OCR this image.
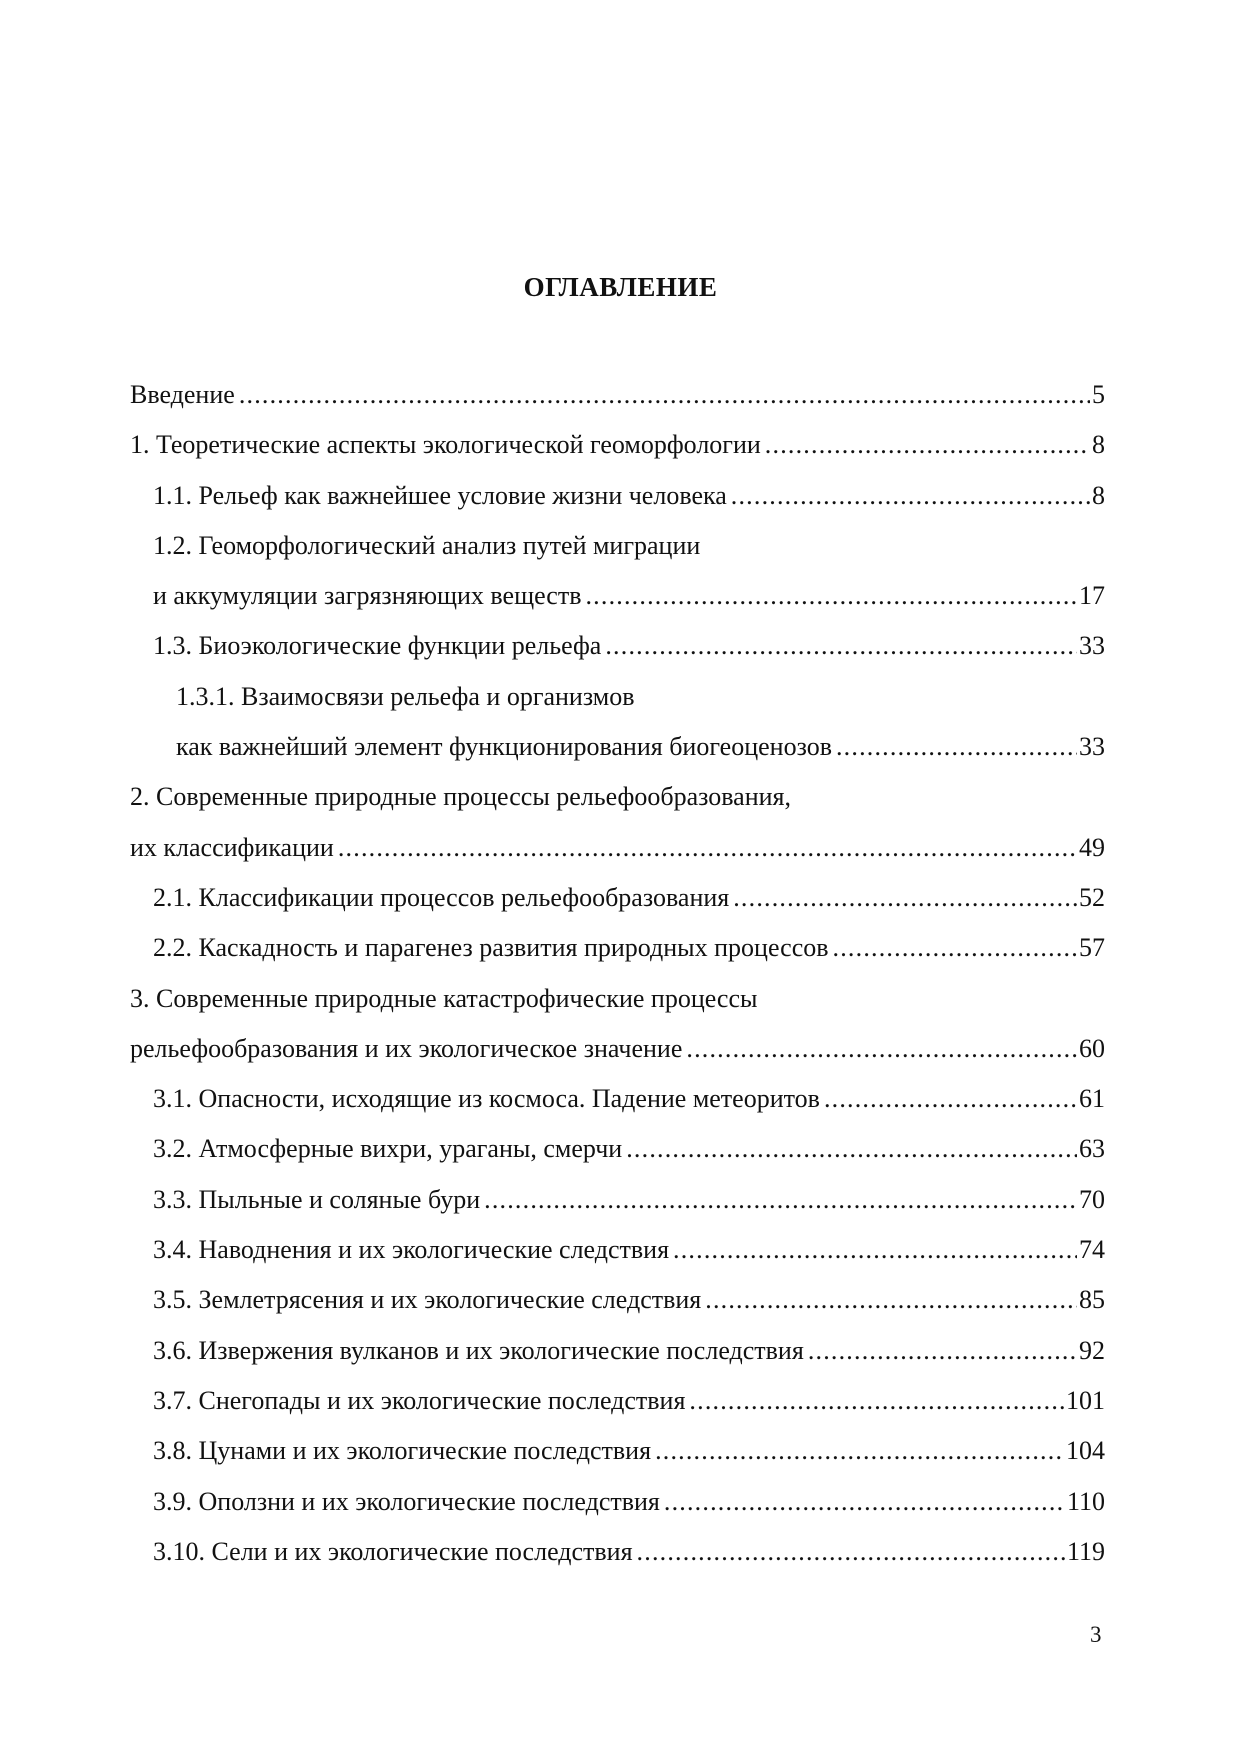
ОГЛАВЛЕНИЕ
Введение .....	5
1. Теоретические аспекты экологической геоморфологии .....	8
1.1. Рельеф как важнейшее условие жизни человека .....	8
1.2. Геоморфологический анализ путей миграции
и аккумуляции загрязняющих веществ .....	17
1.3. Биоэкологические функции рельефа .....	33
1.3.1. Взаимосвязи рельефа и организмов
как важнейший элемент функционирования биогеоценозов .....	33
2. Современные природные процессы рельефообразования,
их классификации .....	49
2.1. Классификации процессов рельефообразования .....	52
2.2. Каскадность и парагенез развития природных процессов .....	57
3. Современные природные катастрофические процессы
рельефообразования и их экологическое значение .....	60
3.1. Опасности, исходящие из космоса. Падение метеоритов .....	61
3.2. Атмосферные вихри, ураганы, смерчи .....	63
3.3. Пыльные и соляные бури .....	70
3.4. Наводнения и их экологические следствия .....	74
3.5. Землетрясения и их экологические следствия .....	85
3.6. Извержения вулканов и их экологические последствия .....	92
3.7. Снегопады и их экологические последствия .....	101
3.8. Цунами и их экологические последствия .....	104
3.9. Оползни и их экологические последствия .....	110
3.10. Сели и их экологические последствия .....	119
3
